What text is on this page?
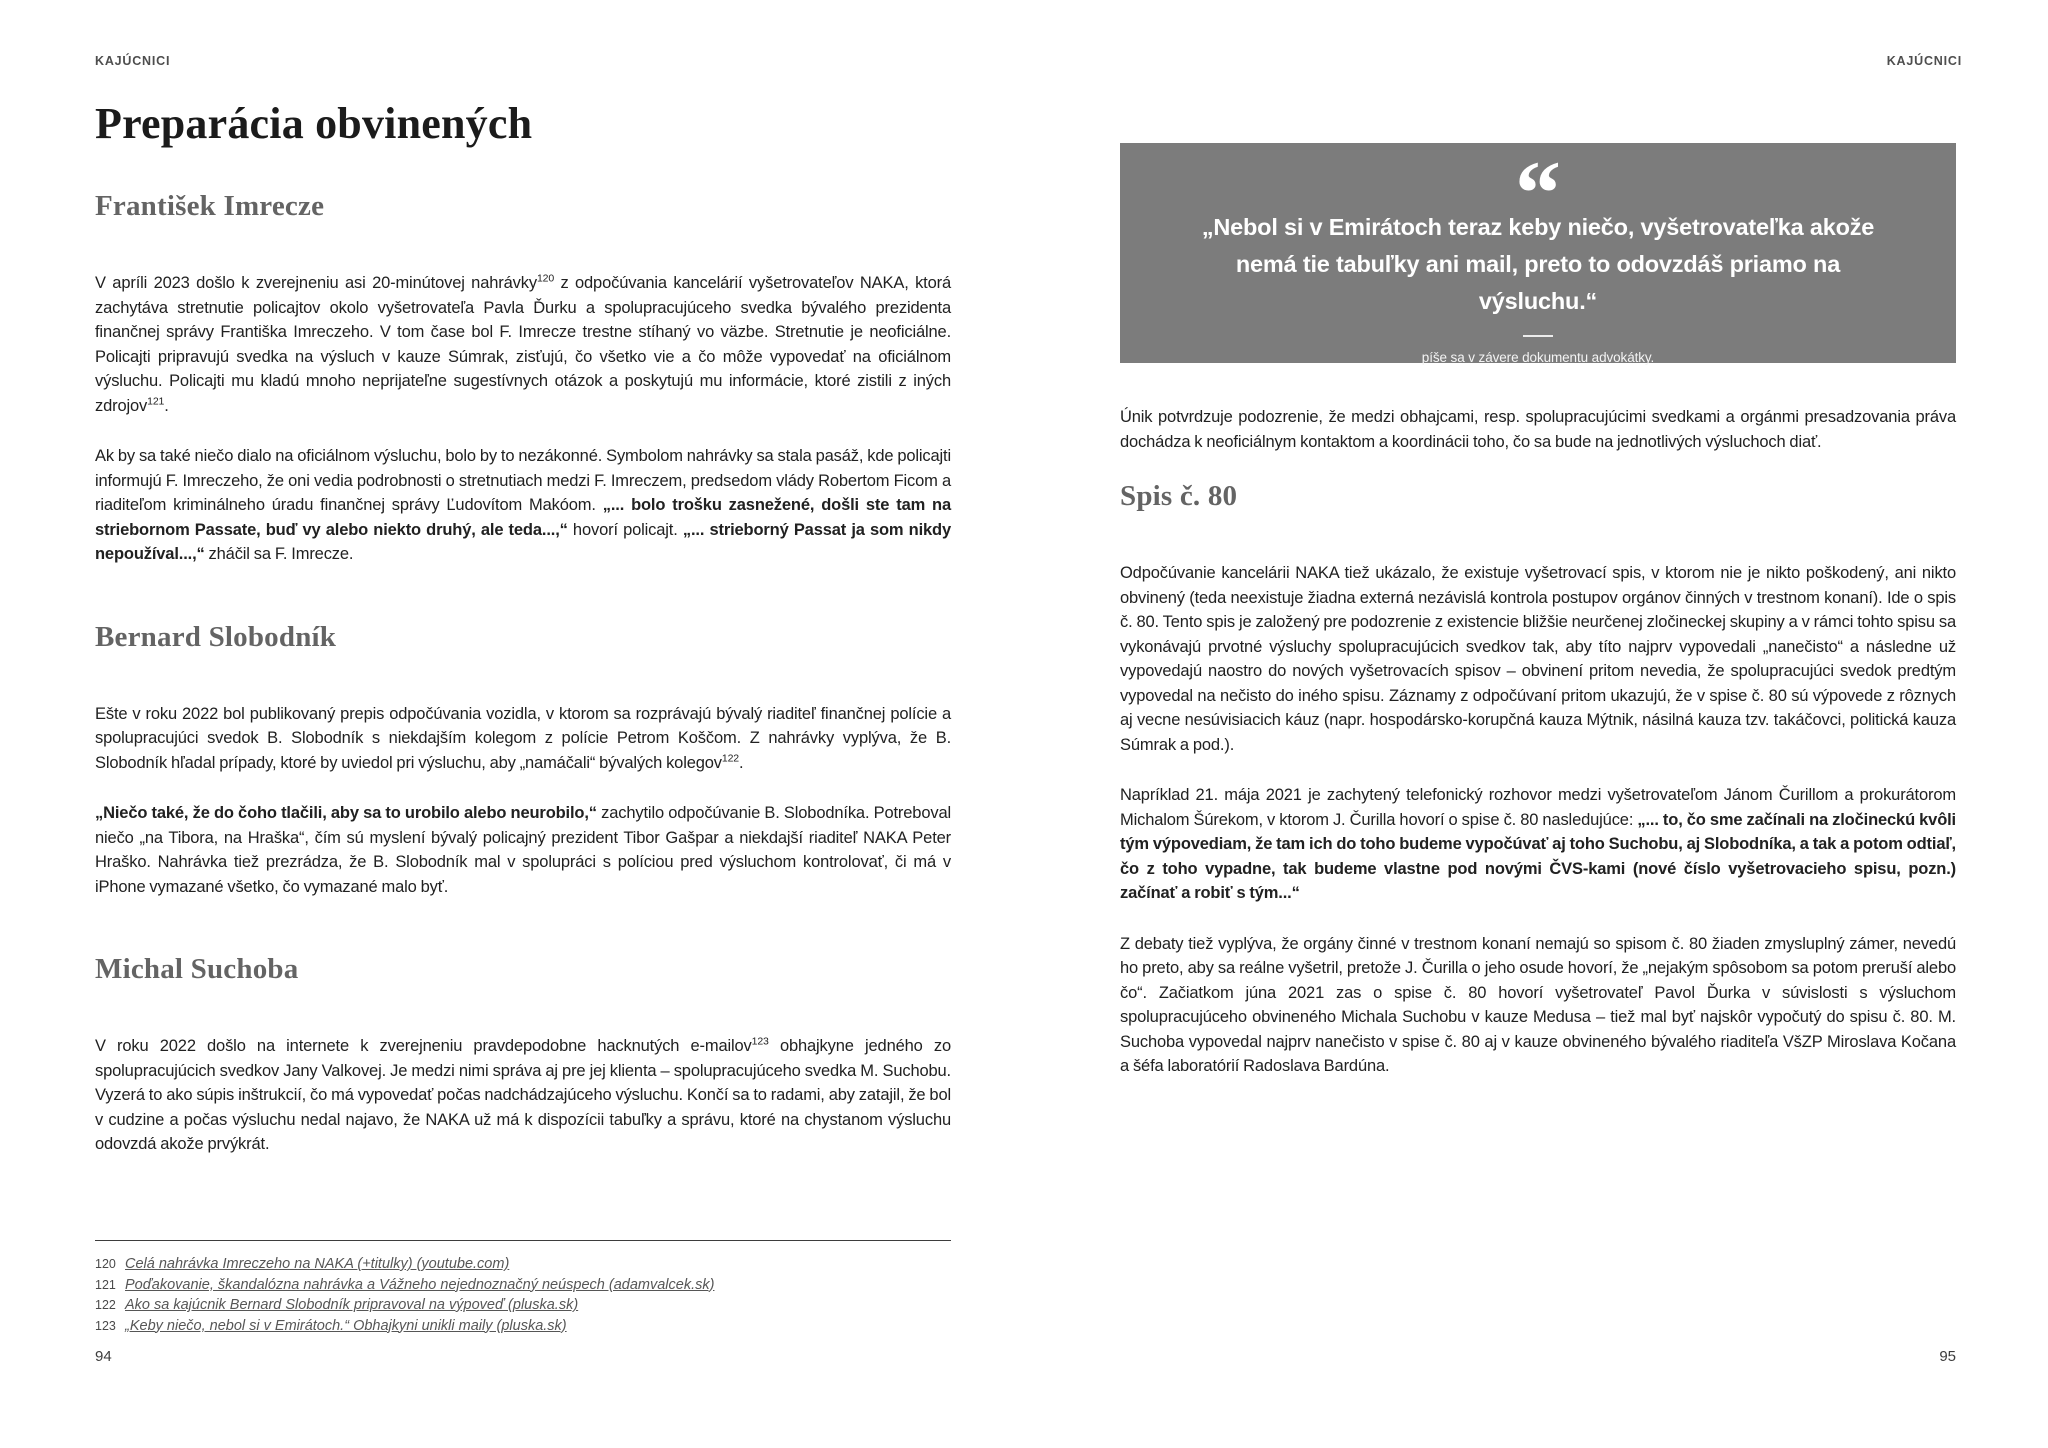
KAJÚCNICI
Preparácia obvinených
František Imrecze

V apríli 2023 došlo k zverejneniu asi 20-minútovej nahrávky$^{120}$ z odpočúvania kancelárií vyšetrovateľov NAKA, ktorá zachytáva stretnutie policajtov okolo vyšetrovateľa Pavla Ďurku a spolupracujúceho svedka bývalého prezidenta finančnej správy Františka Imreczeho. V tom čase bol F. Imrecze trestne stíhaný vo väzbe. Stretnutie je neoficiálne. Policajti pripravujú svedka na výsluch v kauze Súmrak, zisťujú, čo všetko vie a čo môže vypovedať na oficiálnom výsluchu. Policajti mu kladú mnoho neprijateľne sugestívnych otázok a poskytujú mu informácie, ktoré zistili z iných zdrojov$^{121}$.

Ak by sa také niečo dialo na oficiálnom výsluchu, bolo by to nezákonné. Symbolom nahrávky sa stala pasáž, kde policajti informujú F. Imreczeho, že oni vedia podrobnosti o stretnutiach medzi F. Imreczem, predsedom vlády Robertom Ficom a riaditeľom kriminálneho úradu finančnej správy Ľudovítom Makóom. „... bolo trošku zasnežené, došli ste tam na striebornom Passate, buď vy alebo niekto druhý, ale teda...,“ hovorí policajt. „... strieborný Passat ja som nikdy nepoužíval...,“ zháčil sa F. Imrecze.

Bernard Slobodník

Ešte v roku 2022 bol publikovaný prepis odpočúvania vozidla, v ktorom sa rozprávajú bývalý riaditeľ finančnej polície a spolupracujúci svedok B. Slobodník s niekdajším kolegom z polície Petrom Koščom. Z nahrávky vyplýva, že B. Slobodník hľadal prípady, ktoré by uviedol pri výsluchu, aby „namáčali“ bývalých kolegov$^{122}$.

„Niečo také, že do čoho tlačili, aby sa to urobilo alebo neurobilo,“ zachytilo odpočúvanie B. Slobodníka. Potreboval niečo „na Tibora, na Hraška“, čím sú myslení bývalý policajný prezident Tibor Gašpar a niekdajší riaditeľ NAKA Peter Hraško. Nahrávka tiež prezrádza, že B. Slobodník mal v spolupráci s políciou pred výsluchom kontrolovať, či má v iPhone vymazané všetko, čo vymazané malo byť.

Michal Suchoba

V roku 2022 došlo na internete k zverejneniu pravdepodobne hacknutých e-mailov$^{123}$ obhajkyne jedného zo spolupracujúcich svedkov Jany Valkovej. Je medzi nimi správa aj pre jej klienta – spolupracujúceho svedka M. Suchobu. Vyzerá to ako súpis inštrukcií, čo má vypovedať počas nadchádzajúceho výsluchu. Končí sa to radami, aby zatajil, že bol v cudzine a počas výsluchu nedal najavo, že NAKA už má k dispozícii tabuľky a správu, ktoré na chystanom výsluchu odovzdá akože prvýkrát.

120 Celá nahrávka Imreczeho na NAKA (+titulky) (youtube.com)
121 Poďakovanie, škandalózna nahrávka a Vážneho nejednoznačný neúspech (adamvalcek.sk)
122 Ako sa kajúcnik Bernard Slobodník pripravoval na výpoveď (pluska.sk)
123 „Keby niečo, nebol si v Emirátoch.“ Obhajkyni unikli maily (pluska.sk)
94
KAJÚCNICI
“
„Nebol si v Emirátoch teraz keby niečo, vyšetrovateľka akože nemá tie tabuľky ani mail, preto to odovzdáš priamo na výsluchu.“
píše sa v závere dokumentu advokátky.

Únik potvrdzuje podozrenie, že medzi obhajcami, resp. spolupracujúcimi svedkami a orgánmi presadzovania práva dochádza k neoficiálnym kontaktom a koordinácii toho, čo sa bude na jednotlivých výsluchoch diať.

Spis č. 80

Odpočúvanie kancelárii NAKA tiež ukázalo, že existuje vyšetrovací spis, v ktorom nie je nikto poškodený, ani nikto obvinený (teda neexistuje žiadna externá nezávislá kontrola postupov orgánov činných v trestnom konaní). Ide o spis č. 80. Tento spis je založený pre podozrenie z existencie bližšie neurčenej zločineckej skupiny a v rámci tohto spisu sa vykonávajú prvotné výsluchy spolupracujúcich svedkov tak, aby títo najprv vypovedali „nanečisto“ a následne už vypovedajú naostro do nových vyšetrovacích spisov – obvinení pritom nevedia, že spolupracujúci svedok predtým vypovedal na nečisto do iného spisu. Záznamy z odpočúvaní pritom ukazujú, že v spise č. 80 sú výpovede z rôznych aj vecne nesúvisiacich káuz (napr. hospodársko-korupčná kauza Mýtnik, násilná kauza tzv. takáčovci, politická kauza Súmrak a pod.).

Napríklad 21. mája 2021 je zachytený telefonický rozhovor medzi vyšetrovateľom Jánom Čurillom a prokurátorom Michalom Šúrekom, v ktorom J. Čurilla hovorí o spise č. 80 nasledujúce: „... to, čo sme začínali na zločineckú kvôli tým výpovediam, že tam ich do toho budeme vypočúvať aj toho Suchobu, aj Slobodníka, a tak a potom odtiaľ, čo z toho vypadne, tak budeme vlastne pod novými ČVS-kami (nové číslo vyšetrovacieho spisu, pozn.) začínať a robiť s tým...“

Z debaty tiež vyplýva, že orgány činné v trestnom konaní nemajú so spisom č. 80 žiaden zmysluplný zámer, nevedú ho preto, aby sa reálne vyšetril, pretože J. Čurilla o jeho osude hovorí, že „nejakým spôsobom sa potom preruší alebo čo“. Začiatkom júna 2021 zas o spise č. 80 hovorí vyšetrovateľ Pavol Ďurka v súvislosti s výsluchom spolupracujúceho obvineného Michala Suchobu v kauze Medusa – tiež mal byť najskôr vypočutý do spisu č. 80. M. Suchoba vypovedal najprv nanečisto v spise č. 80 aj v kauze obvineného bývalého riaditeľa VšZP Miroslava Kočana a šéfa laboratórií Radoslava Bardúna.

95
